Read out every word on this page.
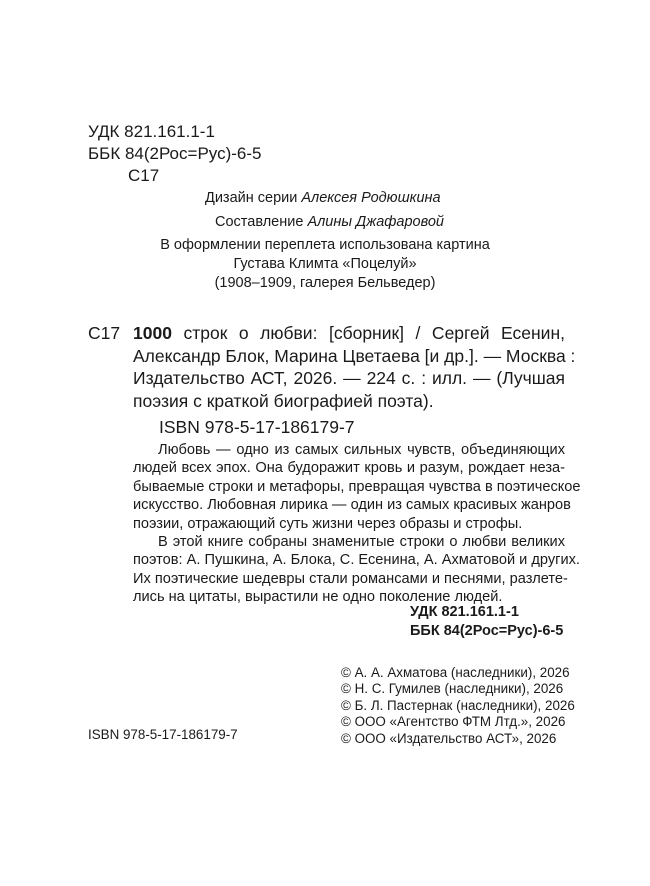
УДК 821.161.1-1
ББК 84(2Рос=Рус)-6-5
С17
Дизайн серии Алексея Родюшкина
Составление Алины Джафаровой
В оформлении переплета использована картина
Густава Климта «Поцелуй»
(1908–1909, галерея Бельведер)
С17 1000 строк о любви: [сборник] / Сергей Есенин,
Александр Блок, Марина Цветаева [и др.]. — Москва :
Издательство АСТ, 2026. — 224 с. : илл. — (Лучшая
поэзия с краткой биографией поэта).
ISBN 978-5-17-186179-7
Любовь — одно из самых сильных чувств, объединяющих
людей всех эпох. Она будоражит кровь и разум, рождает неза-
бываемые строки и метафоры, превращая чувства в поэтическое
искусство. Любовная лирика — один из самых красивых жанров
поэзии, отражающий суть жизни через образы и строфы.
В этой книге собраны знаменитые строки о любви великих
поэтов: А. Пушкина, А. Блока, С. Есенина, А. Ахматовой и других.
Их поэтические шедевры стали романсами и песнями, разлете-
лись на цитаты, вырастили не одно поколение людей.
УДК 821.161.1-1
ББК 84(2Рос=Рус)-6-5
ISBN 978-5-17-186179-7
© А. А. Ахматова (наследники), 2026
© Н. С. Гумилев (наследники), 2026
© Б. Л. Пастернак (наследники), 2026
© ООО «Агентство ФТМ Лтд.», 2026
© ООО «Издательство АСТ», 2026
